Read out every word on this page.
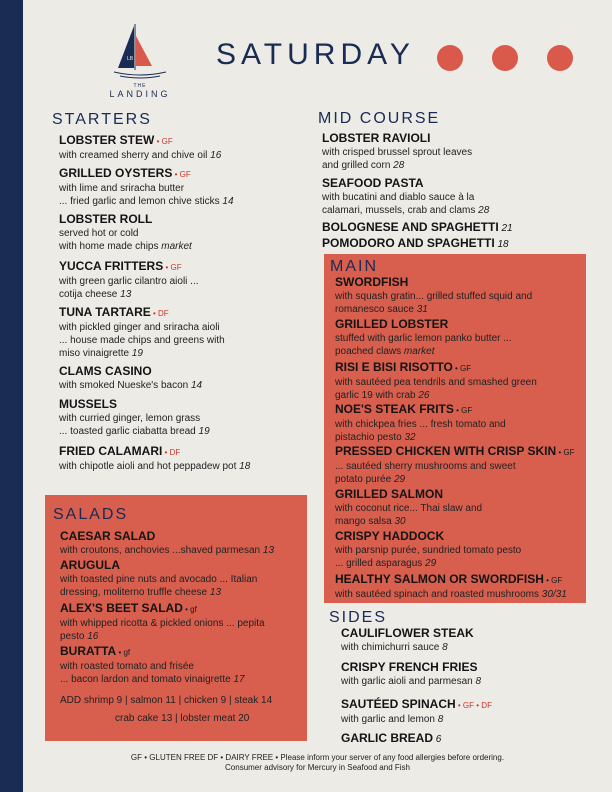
LB
THE
LANDING
SATURDAY
STARTERS	MID COURSE
SALADS
MAIN
SIDES
LOBSTER STEW • GF
with creamed sherry and chive oil 16
GRILLED OYSTERS • GF
with lime and sriracha butter
... fried garlic and lemon chive sticks 14
LOBSTER ROLL
served hot or cold
with home made chips market
YUCCA FRITTERS • GF
with green garlic cilantro aioli ...
cotija cheese 13
TUNA TARTARE • DF
with pickled ginger and sriracha aioli
... house made chips and greens with
miso vinaigrette 19
CLAMS CASINO
with smoked Nueske's bacon 14
MUSSELS
with curried ginger, lemon grass
... toasted garlic ciabatta bread 19
FRIED CALAMARI • DF
with chipotle aioli and hot peppadew pot 18
LOBSTER RAVIOLI
with crisped brussel sprout leaves
and grilled corn 28
SEAFOOD PASTA
with bucatini and diablo sauce à la
calamari, mussels, crab and clams 28
BOLOGNESE AND SPAGHETTI 21
POMODORO AND SPAGHETTI 18
CAESAR SALAD
with croutons, anchovies ...shaved parmesan 13
ARUGULA
with toasted pine nuts and avocado ... Italian
dressing, moliterno truffle cheese 13
ALEX'S BEET SALAD • gf
with whipped ricotta & pickled onions ... pepita
pesto 16
BURATTA • gf
with roasted tomato and frisée
... bacon lardon and tomato vinaigrette 17
SWORDFISH
with squash gratin... grilled stuffed squid and
romanesco sauce 31
GRILLED LOBSTER
stuffed with garlic lemon panko butter ...
poached claws market
RISI E BISI RISOTTO • GF
with sautéed pea tendrils and smashed green
garlic 19 with crab 26
NOE'S STEAK FRITS • GF
with chickpea fries ... fresh tomato and
pistachio pesto 32
PRESSED CHICKEN WITH CRISP SKIN • GF
... sautéed sherry mushrooms and sweet
potato purée 29
GRILLED SALMON
with coconut rice... Thai slaw and
mango salsa 30
CRISPY HADDOCK
with parsnip purée, sundried tomato pesto
... grilled asparagus 29
HEALTHY SALMON OR SWORDFISH • GF
with sautéed spinach and roasted mushrooms 30/31
CAULIFLOWER STEAK
with chimichurri sauce 8
CRISPY FRENCH FRIES
with garlic aioli and parmesan 8
SAUTÉED SPINACH • GF • DF
with garlic and lemon 8
GARLIC BREAD 6
ADD shrimp 9 | salmon 11 | chicken 9 | steak 14
crab cake 13 | lobster meat 20
GF • GLUTEN FREE DF • DAIRY FREE • Please inform your server of any food allergies before ordering.
Consumer advisory for Mercury in Seafood and Fish
